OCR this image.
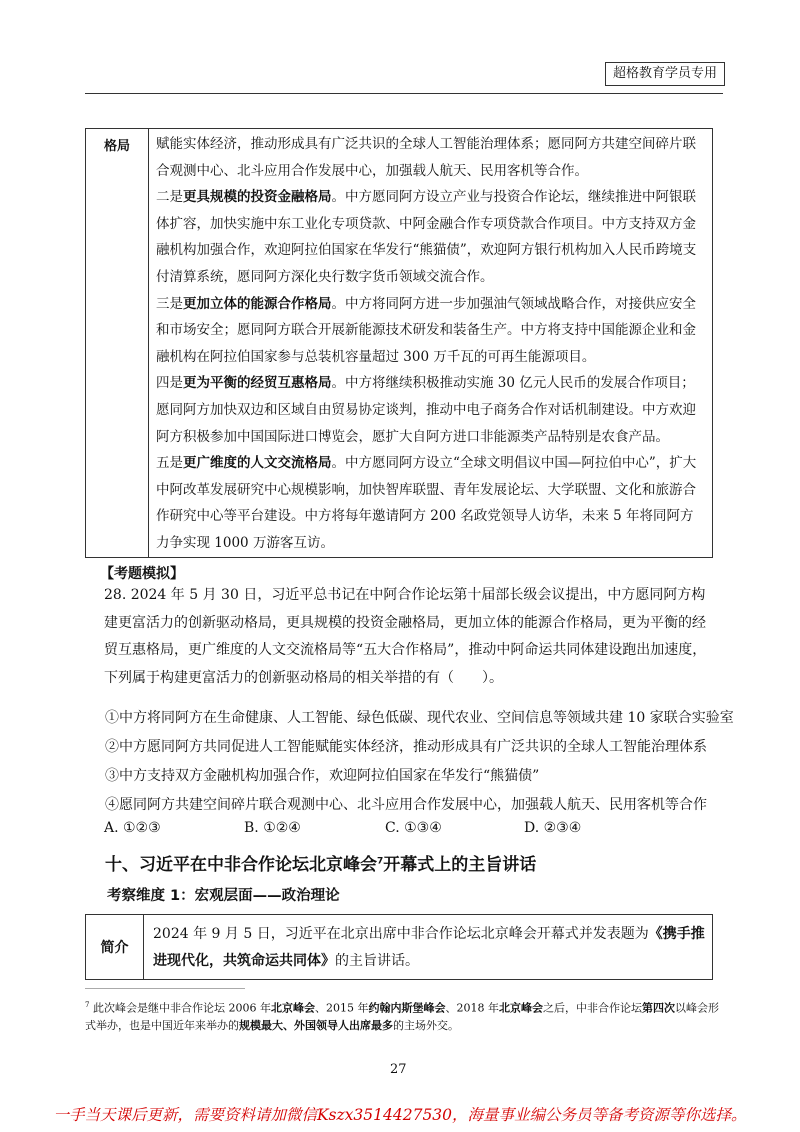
超格教育学员专用
格局	赋能实体经济，推动形成具有广泛共识的全球人工智能治理体系；愿同阿方共建空间碎片联合观测中心、北斗应用合作发展中心，加强载人航天、民用客机等合作。

二是更具规模的投资金融格局。中方愿同阿方设立产业与投资合作论坛，继续推进中阿银联体扩容，加快实施中东工业化专项贷款、中阿金融合作专项贷款合作项目。中方支持双方金融机构加强合作，欢迎阿拉伯国家在华发行“熊猫债”，欢迎阿方银行机构加入人民币跨境支付清算系统，愿同阿方深化央行数字货币领域交流合作。

三是更加立体的能源合作格局。中方将同阿方进一步加强油气领域战略合作，对接供应安全和市场安全；愿同阿方联合开展新能源技术研发和装备生产。中方将支持中国能源企业和金融机构在阿拉伯国家参与总装机容量超过 300 万千瓦的可再生能源项目。

四是更为平衡的经贸互惠格局。中方将继续积极推动实施 30 亿元人民币的发展合作项目；愿同阿方加快双边和区域自由贸易协定谈判，推动中电子商务合作对话机制建设。中方欢迎阿方积极参加中国国际进口博览会，愿扩大自阿方进口非能源类产品特别是农食产品。

五是更广维度的人文交流格局。中方愿同阿方设立“全球文明倡议中国—阿拉伯中心”，扩大中阿改革发展研究中心规模影响，加快智库联盟、青年发展论坛、大学联盟、文化和旅游合作研究中心等平台建设。中方将每年邀请阿方 200 名政党领导人访华，未来 5 年将同阿方力争实现 1000 万游客互访。

【考题模拟】

28. 2024 年 5 月 30 日，习近平总书记在中阿合作论坛第十届部长级会议提出，中方愿同阿方构建更富活力的创新驱动格局，更具规模的投资金融格局，更加立体的能源合作格局，更为平衡的经贸互惠格局，更广维度的人文交流格局等“五大合作格局”，推动中阿命运共同体建设跑出加速度，下列属于构建更富活力的创新驱动格局的相关举措的有（　　）。

①中方将同阿方在生命健康、人工智能、绿色低碳、现代农业、空间信息等领域共建 10 家联合实验室
②中方愿同阿方共同促进人工智能赋能实体经济，推动形成具有广泛共识的全球人工智能治理体系
③中方支持双方金融机构加强合作，欢迎阿拉伯国家在华发行“熊猫债”
④愿同阿方共建空间碎片联合观测中心、北斗应用合作发展中心，加强载人航天、民用客机等合作
A. ①②③	B. ①②④	C. ①③④	D. ②③④
十、习近平在中非合作论坛北京峰会$^7$开幕式上的主旨讲话
考察维度 1：宏观层面——政治理论
简介	2024 年 9 月 5 日，习近平在北京出席中非合作论坛北京峰会开幕式并发表题为《携手推进现代化，共筑命运共同体》的主旨讲话。
$^7$ 此次峰会是继中非合作论坛 2006 年北京峰会、2015 年约翰内斯堡峰会、2018 年北京峰会之后，中非合作论坛第四次以峰会形式举办，也是中国近年来举办的规模最大、外国领导人出席最多的主场外交。
27
一手当天课后更新，需要资料请加微信Kszx3514427530，海量事业编公务员等备考资源等你选择。
